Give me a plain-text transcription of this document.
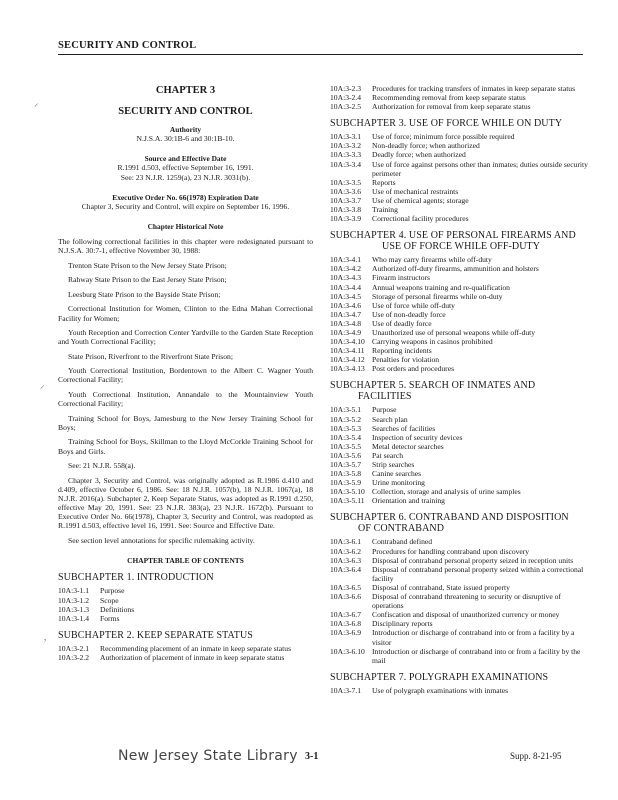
SECURITY AND CONTROL
⸝
⸝
,
CHAPTER 3
SECURITY AND CONTROL
Authority
N.J.S.A. 30:1B-6 and 30:1B-10.
Source and Effective Date
R.1991 d.503, effective September 16, 1991.
See: 23 N.J.R. 1259(a), 23 N.J.R. 3031(b).
Executive Order No. 66(1978) Expiration Date
Chapter 3, Security and Control, will expire on September 16, 1996.
Chapter Historical Note
The following correctional facilities in this chapter were redesignated pursuant to N.J.S.A. 30:7-1, effective November 30, 1988:
Trenton State Prison to the New Jersey State Prison;
Rahway State Prison to the East Jersey State Prison;
Leesburg State Prison to the Bayside State Prison;
Correctional Institution for Women, Clinton to the Edna Mahan Correctional Facility for Women;
Youth Reception and Correction Center Yardville to the Garden State Reception and Youth Correctional Facility;
State Prison, Riverfront to the Riverfront State Prison;
Youth Correctional Institution, Bordentown to the Albert C. Wagner Youth Correctional Facility;
Youth Correctional Institution, Annandale to the Mountainview Youth Correctional Facility;
Training School for Boys, Jamesburg to the New Jersey Training School for Boys;
Training School for Boys, Skillman to the Lloyd McCorkle Training School for Boys and Girls.
See: 21 N.J.R. 558(a).
Chapter 3, Security and Control, was originally adopted as R.1986 d.410 and d.409, effective October 6, 1986. See: 18 N.J.R. 1057(b), 18 N.J.R. 1067(a), 18 N.J.R. 2016(a). Subchapter 2, Keep Separate Status, was adopted as R.1991 d.250, effective May 20, 1991. See: 23 N.J.R. 383(a), 23 N.J.R. 1672(b). Pursuant to Executive Order No. 66(1978), Chapter 3, Security and Control, was readopted as R.1991 d.503, effective level 16, 1991. See: Source and Effective Date.
See section level annotations for specific rulemaking activity.
CHAPTER TABLE OF CONTENTS
SUBCHAPTER 1. INTRODUCTION
10A:3-1.1	Purpose
10A:3-1.2	Scope
10A:3-1.3	Definitions
10A:3-1.4	Forms
SUBCHAPTER 2. KEEP SEPARATE STATUS
10A:3-2.1	Recommending placement of an inmate in keep separate status
10A:3-2.2	Authorization of placement of inmate in keep separate status
10A:3-2.3	Procedures for tracking transfers of inmates in keep separate status
10A:3-2.4	Recommending removal from keep separate status
10A:3-2.5	Authorization for removal from keep separate status
SUBCHAPTER 3. USE OF FORCE WHILE ON DUTY
10A:3-3.1	Use of force; minimum force possible required
10A:3-3.2	Non-deadly force; when authorized
10A:3-3.3	Deadly force; when authorized
10A:3-3.4	Use of force against persons other than inmates; duties outside security perimeter
10A:3-3.5	Reports
10A:3-3.6	Use of mechanical restraints
10A:3-3.7	Use of chemical agents; storage
10A:3-3.8	Training
10A:3-3.9	Correctional facility procedures
SUBCHAPTER 4. USE OF PERSONAL FIREARMS AND
USE OF FORCE WHILE OFF-DUTY
10A:3-4.1	Who may carry firearms while off-duty
10A:3-4.2	Authorized off-duty firearms, ammunition and holsters
10A:3-4.3	Firearm instructors
10A:3-4.4	Annual weapons training and re-qualification
10A:3-4.5	Storage of personal firearms while on-duty
10A:3-4.6	Use of force while off-duty
10A:3-4.7	Use of non-deadly force
10A:3-4.8	Use of deadly force
10A:3-4.9	Unauthorized use of personal weapons while off-duty
10A:3-4.10 Carrying weapons in casinos prohibited
10A:3-4.11 Reporting incidents
10A:3-4.12 Penalties for violation
10A:3-4.13 Post orders and procedures
SUBCHAPTER 5. SEARCH OF INMATES AND
FACILITIES
10A:3-5.1	Purpose
10A:3-5.2	Search plan
10A:3-5.3	Searches of facilities
10A:3-5.4	Inspection of security devices
10A:3-5.5	Metal detector searches
10A:3-5.6	Pat search
10A:3-5.7	Strip searches
10A:3-5.8	Canine searches
10A:3-5.9	Urine monitoring
10A:3-5.10 Collection, storage and analysis of urine samples
10A:3-5.11 Orientation and training
SUBCHAPTER 6. CONTRABAND AND DISPOSITION
OF CONTRABAND
10A:3-6.1	Contraband defined
10A:3-6.2	Procedures for handling contraband upon discovery
10A:3-6.3	Disposal of contraband personal property seized in reception units
10A:3-6.4	Disposal of contraband personal property seized within a correctional facility
10A:3-6.5	Disposal of contraband, State issued property
10A:3-6.6	Disposal of contraband threatening to security or disruptive of operations
10A:3-6.7	Confiscation and disposal of unauthorized currency or money
10A:3-6.8	Disciplinary reports
10A:3-6.9	Introduction or discharge of contraband into or from a facility by a visitor
10A:3-6.10 Introduction or discharge of contraband into or from a facility by the mail
SUBCHAPTER 7. POLYGRAPH EXAMINATIONS
10A:3-7.1	Use of polygraph examinations with inmates
New Jersey State Library 3-1	Supp. 8-21-95
